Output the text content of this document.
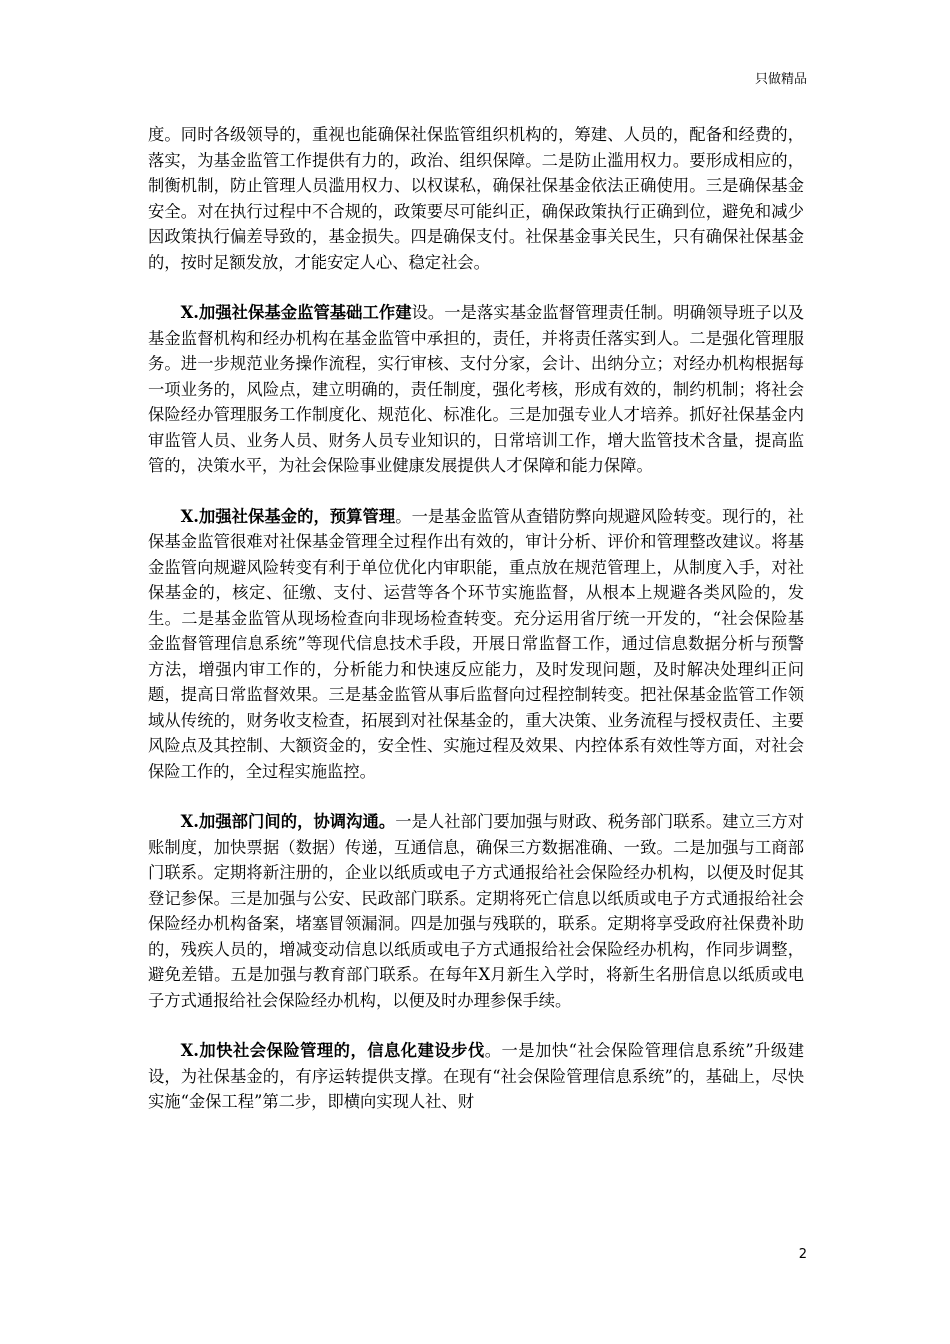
只做精品

度。同时各级领导的，重视也能确保社保监管组织机构的，筹建、人员的，配备和经费的，落实，为基金监管工作提供有力的，政治、组织保障。二是防止滥用权力。要形成相应的，制衡机制，防止管理人员滥用权力、以权谋私，确保社保基金依法正确使用。三是确保基金安全。对在执行过程中不合规的，政策要尽可能纠正，确保政策执行正确到位，避免和减少因政策执行偏差导致的，基金损失。四是确保支付。社保基金事关民生，只有确保社保基金的，按时足额发放，才能安定人心、稳定社会。

X.加强社保基金监管基础工作建设。一是落实基金监督管理责任制。明确领导班子以及基金监督机构和经办机构在基金监管中承担的，责任，并将责任落实到人。二是强化管理服务。进一步规范业务操作流程，实行审核、支付分家，会计、出纳分立；对经办机构根据每一项业务的，风险点，建立明确的，责任制度，强化考核，形成有效的，制约机制；将社会保险经办管理服务工作制度化、规范化、标准化。三是加强专业人才培养。抓好社保基金内审监管人员、业务人员、财务人员专业知识的，日常培训工作，增大监管技术含量，提高监管的，决策水平，为社会保险事业健康发展提供人才保障和能力保障。

X.加强社保基金的，预算管理。一是基金监管从查错防弊向规避风险转变。现行的，社保基金监管很难对社保基金管理全过程作出有效的，审计分析、评价和管理整改建议。将基金监管向规避风险转变有利于单位优化内审职能，重点放在规范管理上，从制度入手，对社保基金的，核定、征缴、支付、运营等各个环节实施监督，从根本上规避各类风险的，发生。二是基金监管从现场检查向非现场检查转变。充分运用省厅统一开发的，“社会保险基金监督管理信息系统”等现代信息技术手段，开展日常监督工作，通过信息数据分析与预警方法，增强内审工作的，分析能力和快速反应能力，及时发现问题，及时解决处理纠正问题，提高日常监督效果。三是基金监管从事后监督向过程控制转变。把社保基金监管工作领域从传统的，财务收支检查，拓展到对社保基金的，重大决策、业务流程与授权责任、主要风险点及其控制、大额资金的，安全性、实施过程及效果、内控体系有效性等方面，对社会保险工作的，全过程实施监控。

X.加强部门间的，协调沟通。一是人社部门要加强与财政、税务部门联系。建立三方对账制度，加快票据（数据）传递，互通信息，确保三方数据准确、一致。二是加强与工商部门联系。定期将新注册的，企业以纸质或电子方式通报给社会保险经办机构，以便及时促其登记参保。三是加强与公安、民政部门联系。定期将死亡信息以纸质或电子方式通报给社会保险经办机构备案，堵塞冒领漏洞。四是加强与残联的，联系。定期将享受政府社保费补助的，残疾人员的，增减变动信息以纸质或电子方式通报给社会保险经办机构，作同步调整，避免差错。五是加强与教育部门联系。在每年X月新生入学时，将新生名册信息以纸质或电子方式通报给社会保险经办机构，以便及时办理参保手续。

X.加快社会保险管理的，信息化建设步伐。一是加快“社会保险管理信息系统”升级建设，为社保基金的，有序运转提供支撑。在现有“社会保险管理信息系统”的，基础上，尽快实施“金保工程”第二步，即横向实现人社、财

2
